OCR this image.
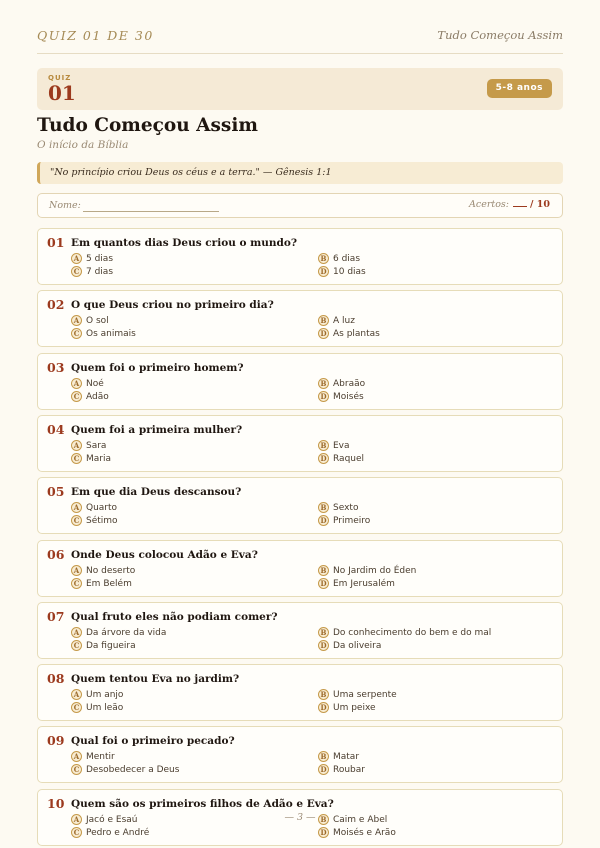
QUIZ 01 DE 30	Tudo Começou Assim
QUIZ
01	5-8 anos
Tudo Começou Assim
O início da Bíblia
"No princípio criou Deus os céus e a terra." — Gênesis 1:1
Nome:	Acertos: / 10
01 Em quantos dias Deus criou o mundo?
A 5 dias	B 6 dias
C 7 dias	D 10 dias
02 O que Deus criou no primeiro dia?
A O sol	B A luz
C Os animais	D As plantas
03 Quem foi o primeiro homem?
A Noé	B Abraão
C Adão	D Moisés
04 Quem foi a primeira mulher?
A Sara	B Eva
C Maria	D Raquel
05 Em que dia Deus descansou?
A Quarto	B Sexto
C Sétimo	D Primeiro
06 Onde Deus colocou Adão e Eva?
A No deserto	B No Jardim do Éden
C Em Belém	D Em Jerusalém
07 Qual fruto eles não podiam comer?
A Da árvore da vida	B Do conhecimento do bem e do mal
C Da figueira	D Da oliveira
08 Quem tentou Eva no jardim?
A Um anjo	B Uma serpente
C Um leão	D Um peixe
09 Qual foi o primeiro pecado?
A Mentir	B Matar
C Desobedecer a Deus	D Roubar
10 Quem são os primeiros filhos de Adão e Eva?
A Jacó e Esaú	B Caim e Abel
C Pedro e André	D Moisés e Arão
— 3 —
